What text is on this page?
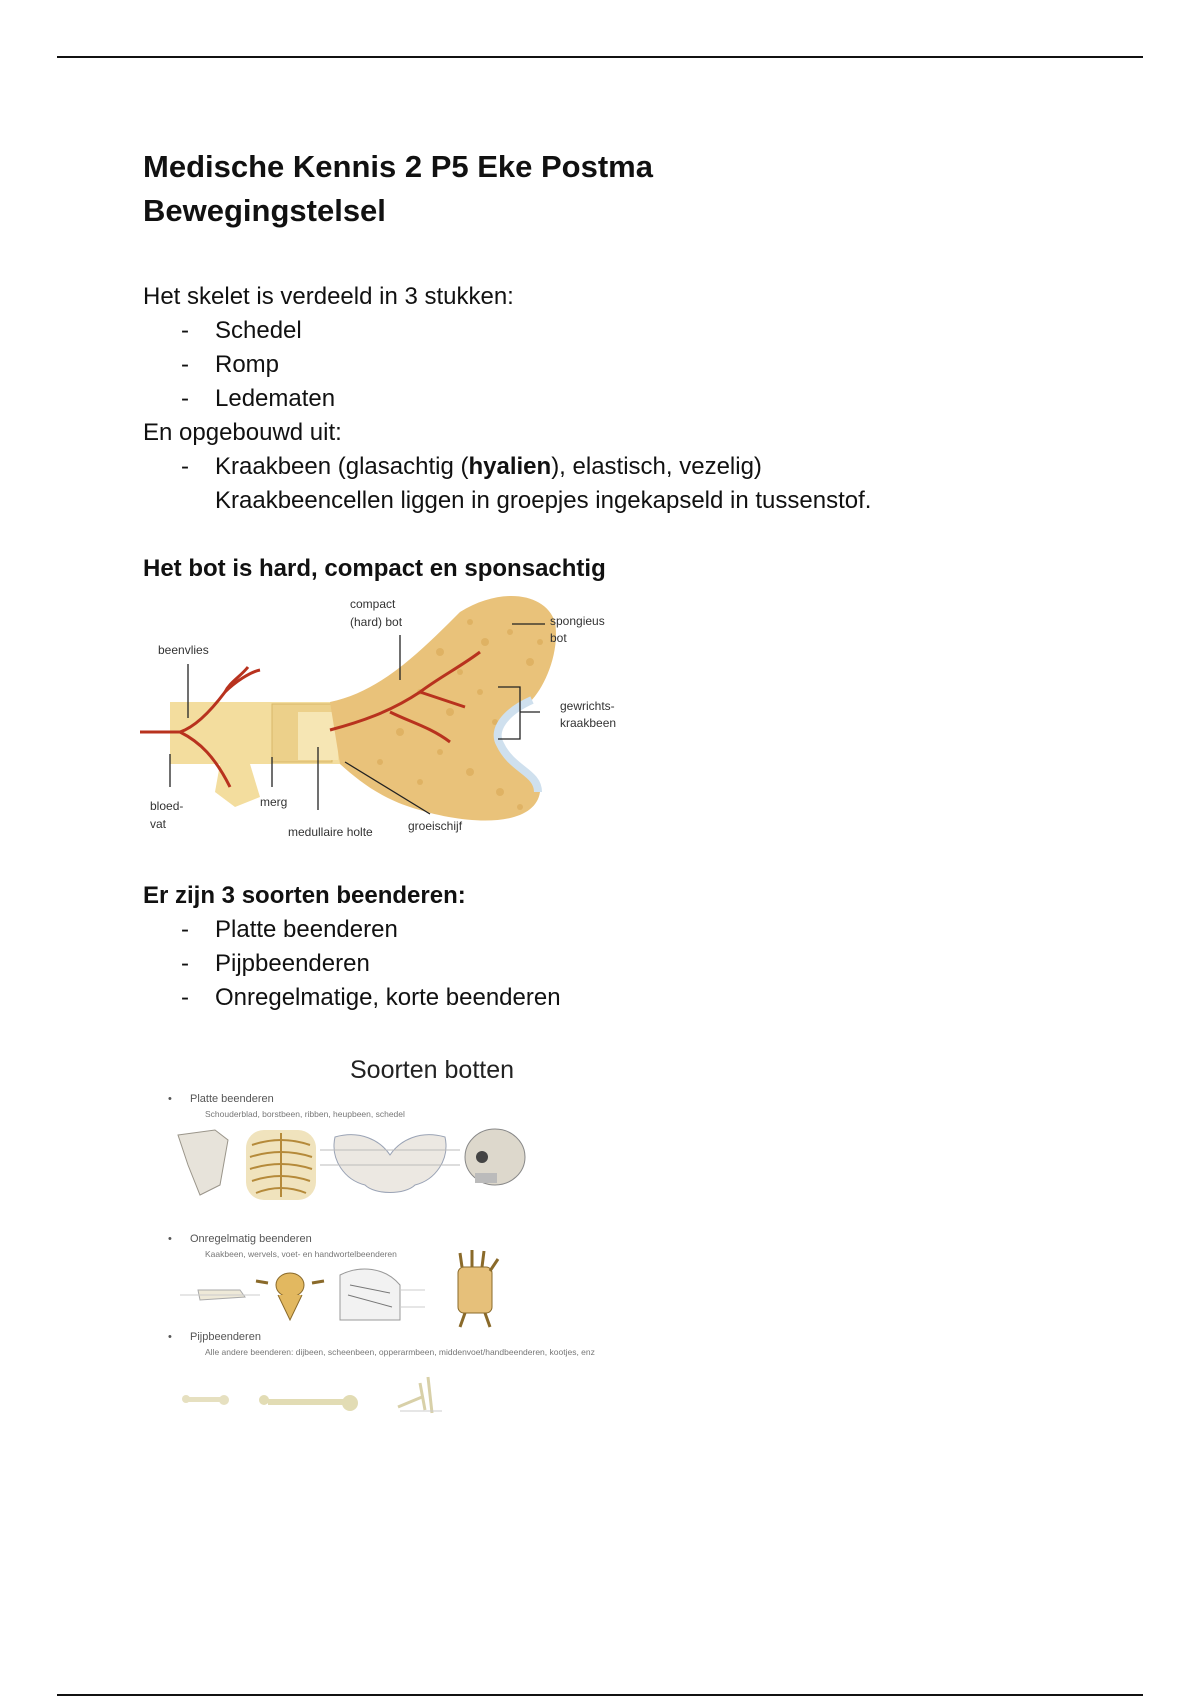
Medische Kennis 2 P5 Eke Postma
Bewegingstelsel

Het skelet is verdeeld in 3 stukken:

- Schedel
- Romp
- Ledematen

En opgebouwd uit:

- Kraakbeen (glasachtig (hyalien), elastisch, vezelig)

Kraakbeencellen liggen in groepjes ingekapseld in tussenstof.

Het bot is hard, compact en sponsachtig

compact
(hard) bot	spongieus
bot
beenvlies
gewrichts-
kraakbeen
bloed-
vat
merg
medullaire holte	groeischijf

Er zijn 3 soorten beenderen:

- Platte beenderen
- Pijpbeenderen
- Onregelmatige, korte beenderen
Soorten botten
• Platte beenderen
Schouderblad, borstbeen, ribben, heupbeen, schedel
• Onregelmatig beenderen
Kaakbeen, wervels, voet- en handwortelbeenderen
• Pijpbeenderen
Alle andere beenderen: dijbeen, scheenbeen, opperarmbeen, middenvoet/handbeenderen, kootjes, enz
